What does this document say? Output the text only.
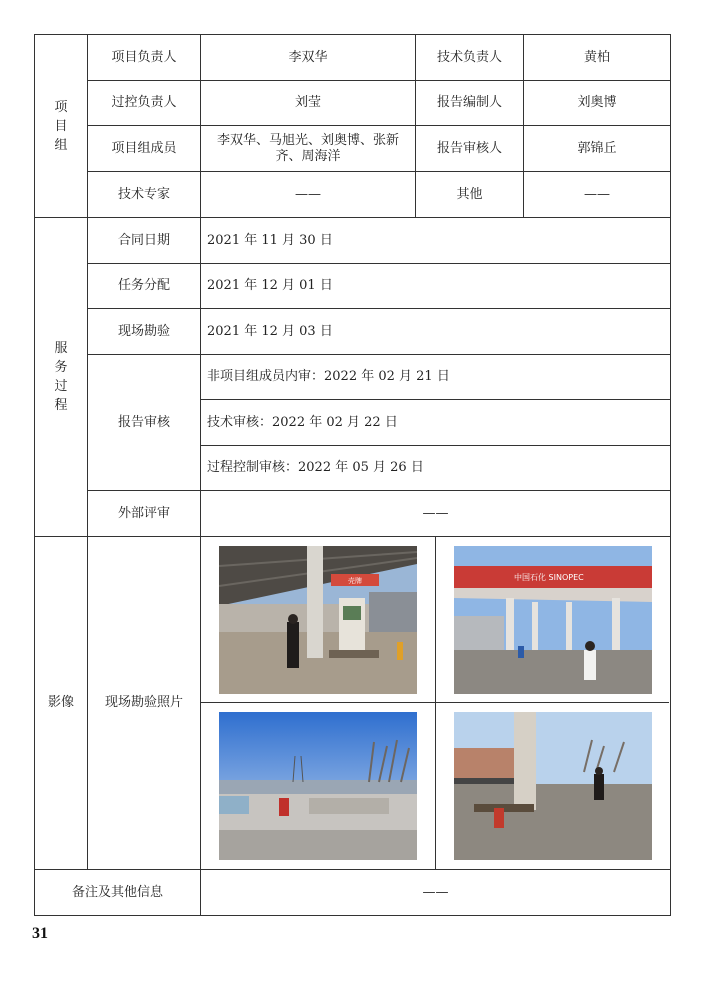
项目组	项目负责人	李双华	技术负责人	黄柏
	过控负责人	刘莹	报告编制人	刘奥博
	项目组成员	李双华、马旭光、刘奥博、张新齐、周海洋	报告审核人	郭锦丘
	技术专家	——	其他	——
服务过程	合同日期	2021 年 11 月 30 日		
	任务分配	2021 年 12 月 01 日		
	现场勘验	2021 年 12 月 03 日		
	报告审核	非项目组成员内审：2022 年 02 月 21 日		
		技术审核：2022 年 02 月 22 日		
		过程控制审核：2022 年 05 月 26 日		
	外部评审	——		
影像	现场勘验照片	壳牌 中国石化 SINOPEC		

备注及其他信息		——		
31
